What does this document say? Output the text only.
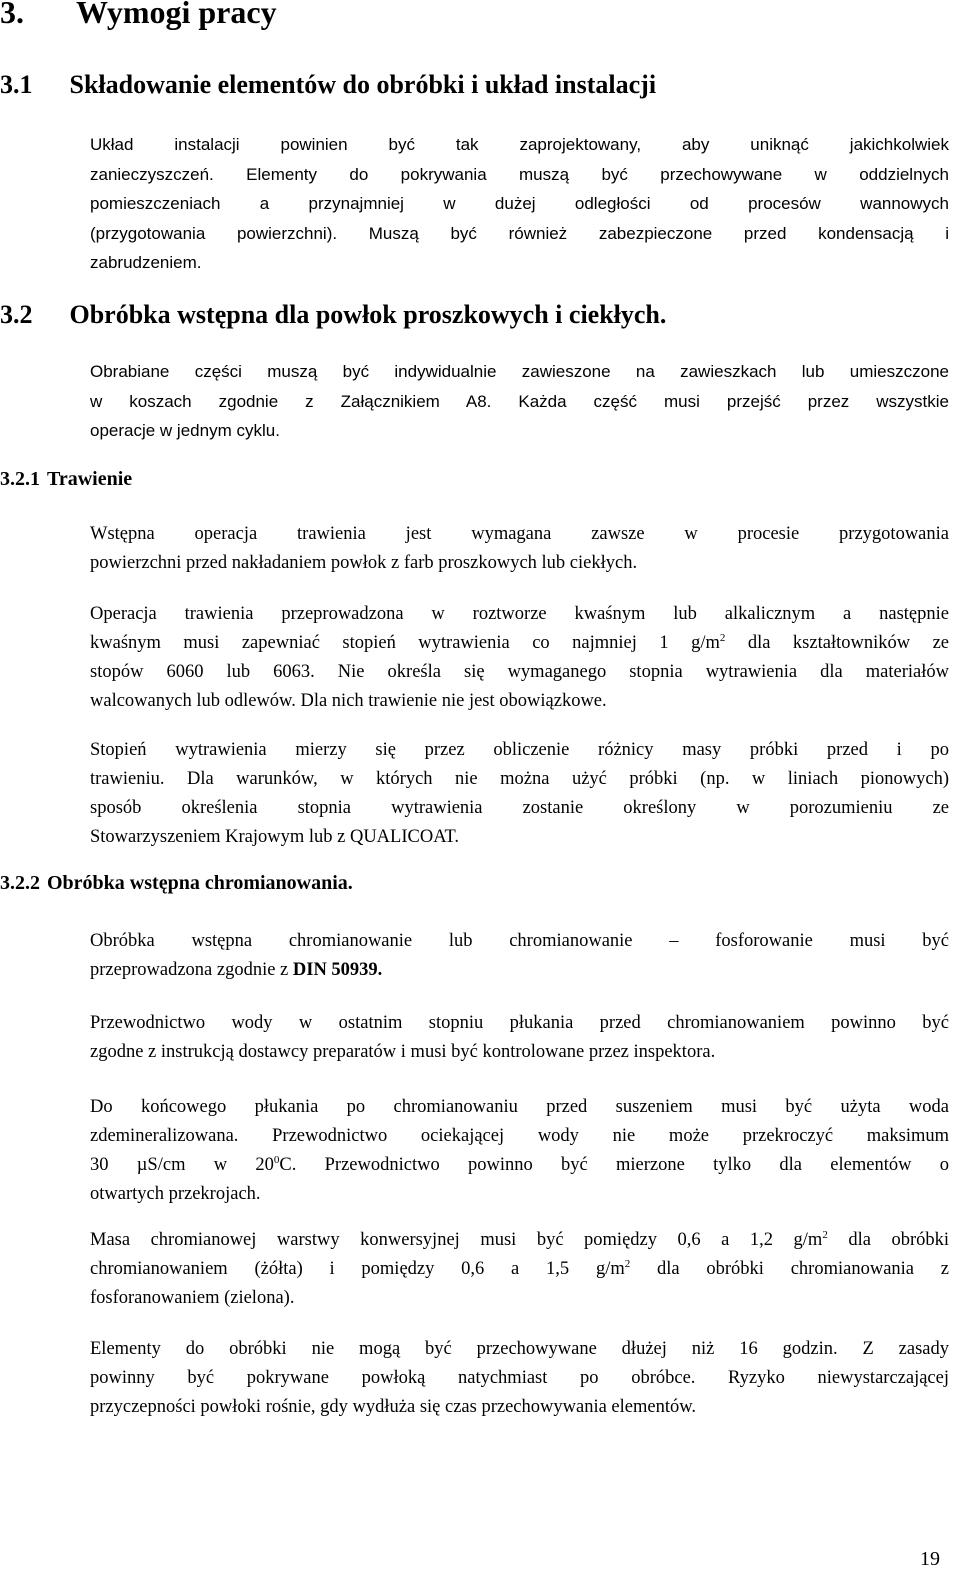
3. Wymogi pracy
3.1 Składowanie elementów do obróbki i układ instalacji
Układ instalacji powinien być tak zaprojektowany, aby uniknąć jakichkolwiek
zanieczyszczeń. Elementy do pokrywania muszą być przechowywane w oddzielnych
pomieszczeniach a przynajmniej w dużej odległości od procesów wannowych
(przygotowania powierzchni). Muszą być również zabezpieczone przed kondensacją i
zabrudzeniem.
3.2 Obróbka wstępna dla powłok proszkowych i ciekłych.
Obrabiane części muszą być indywidualnie zawieszone na zawieszkach lub umieszczone
w koszach zgodnie z Załącznikiem A8. Każda część musi przejść przez wszystkie
operacje w jednym cyklu.
3.2.1 Trawienie
Wstępna operacja trawienia jest wymagana zawsze w procesie przygotowania
powierzchni przed nakładaniem powłok z farb proszkowych lub ciekłych.
Operacja trawienia przeprowadzona w roztworze kwaśnym lub alkalicznym a następnie
kwaśnym musi zapewniać stopień wytrawienia co najmniej 1 $g/m^2$ dla kształtowników ze
stopów 6060 lub 6063. Nie określa się wymaganego stopnia wytrawienia dla materiałów
walcowanych lub odlewów. Dla nich trawienie nie jest obowiązkowe.
Stopień wytrawienia mierzy się przez obliczenie różnicy masy próbki przed i po
trawieniu. Dla warunków, w których nie można użyć próbki (np. w liniach pionowych)
sposób określenia stopnia wytrawienia zostanie określony w porozumieniu ze
Stowarzyszeniem Krajowym lub z QUALICOAT.
3.2.2 Obróbka wstępna chromianowania.
Obróbka wstępna chromianowanie lub chromianowanie – fosforowanie musi być
przeprowadzona zgodnie z DIN 50939.
Przewodnictwo wody w ostatnim stopniu płukania przed chromianowaniem powinno być
zgodne z instrukcją dostawcy preparatów i musi być kontrolowane przez inspektora.
Do końcowego płukania po chromianowaniu przed suszeniem musi być użyta woda
zdemineralizowana. Przewodnictwo ociekającej wody nie może przekroczyć maksimum
30 µS/cm w $20^0C$. Przewodnictwo powinno być mierzone tylko dla elementów o
otwartych przekrojach.
Masa chromianowej warstwy konwersyjnej musi być pomiędzy 0,6 a 1,2 $g/m^2$ dla obróbki
chromianowaniem (żółta) i pomiędzy 0,6 a 1,5 $g/m^2$ dla obróbki chromianowania z
fosforanowaniem (zielona).
Elementy do obróbki nie mogą być przechowywane dłużej niż 16 godzin. Z zasady
powinny być pokrywane powłoką natychmiast po obróbce. Ryzyko niewystarczającej
przyczepności powłoki rośnie, gdy wydłuża się czas przechowywania elementów.
19
